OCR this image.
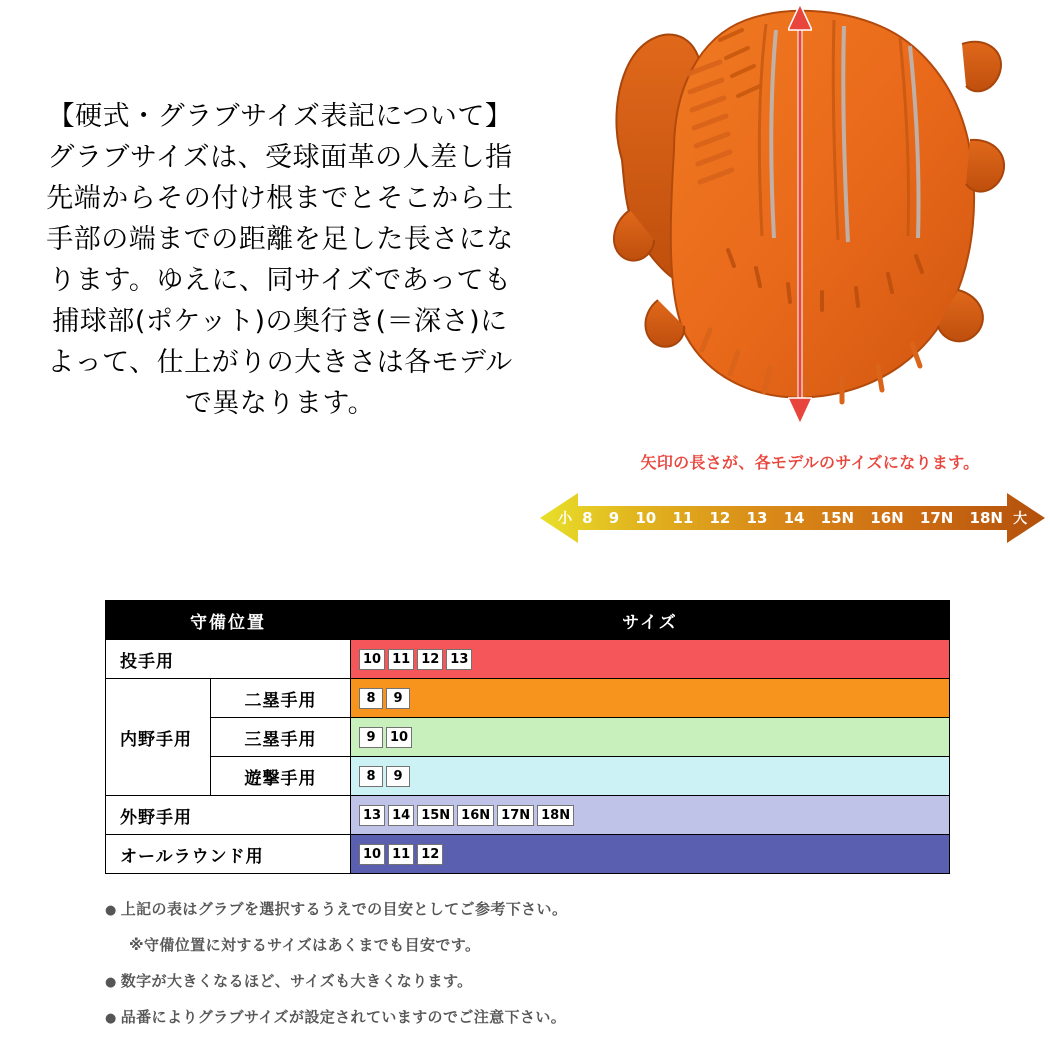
【硬式・グラブサイズ表記について】

グラブサイズは、受球面革の人差し指

先端からその付け根までとそこから土

手部の端までの距離を足した長さにな

ります。ゆえに、同サイズであっても

捕球部(ポケット)の奥行き(＝深さ)に

よって、仕上がりの大きさは各モデル

で異なります。

矢印の長さが、各モデルのサイズになります。
小 8	9	10	11	12	13	14	15N	16N	17N	18N 大
守備位置		サイズ
投手用		10 11 12 13
内野手用	二塁手用	8 9
	三塁手用	9 10
	遊撃手用	8 9
外野手用		13 14 15N 16N 17N 18N
オールラウンド用		10 11 12
● 上記の表はグラブを選択するうえでの目安としてご参考下さい。
※守備位置に対するサイズはあくまでも目安です。
● 数字が大きくなるほど、サイズも大きくなります。
● 品番によりグラブサイズが設定されていますのでご注意下さい。
